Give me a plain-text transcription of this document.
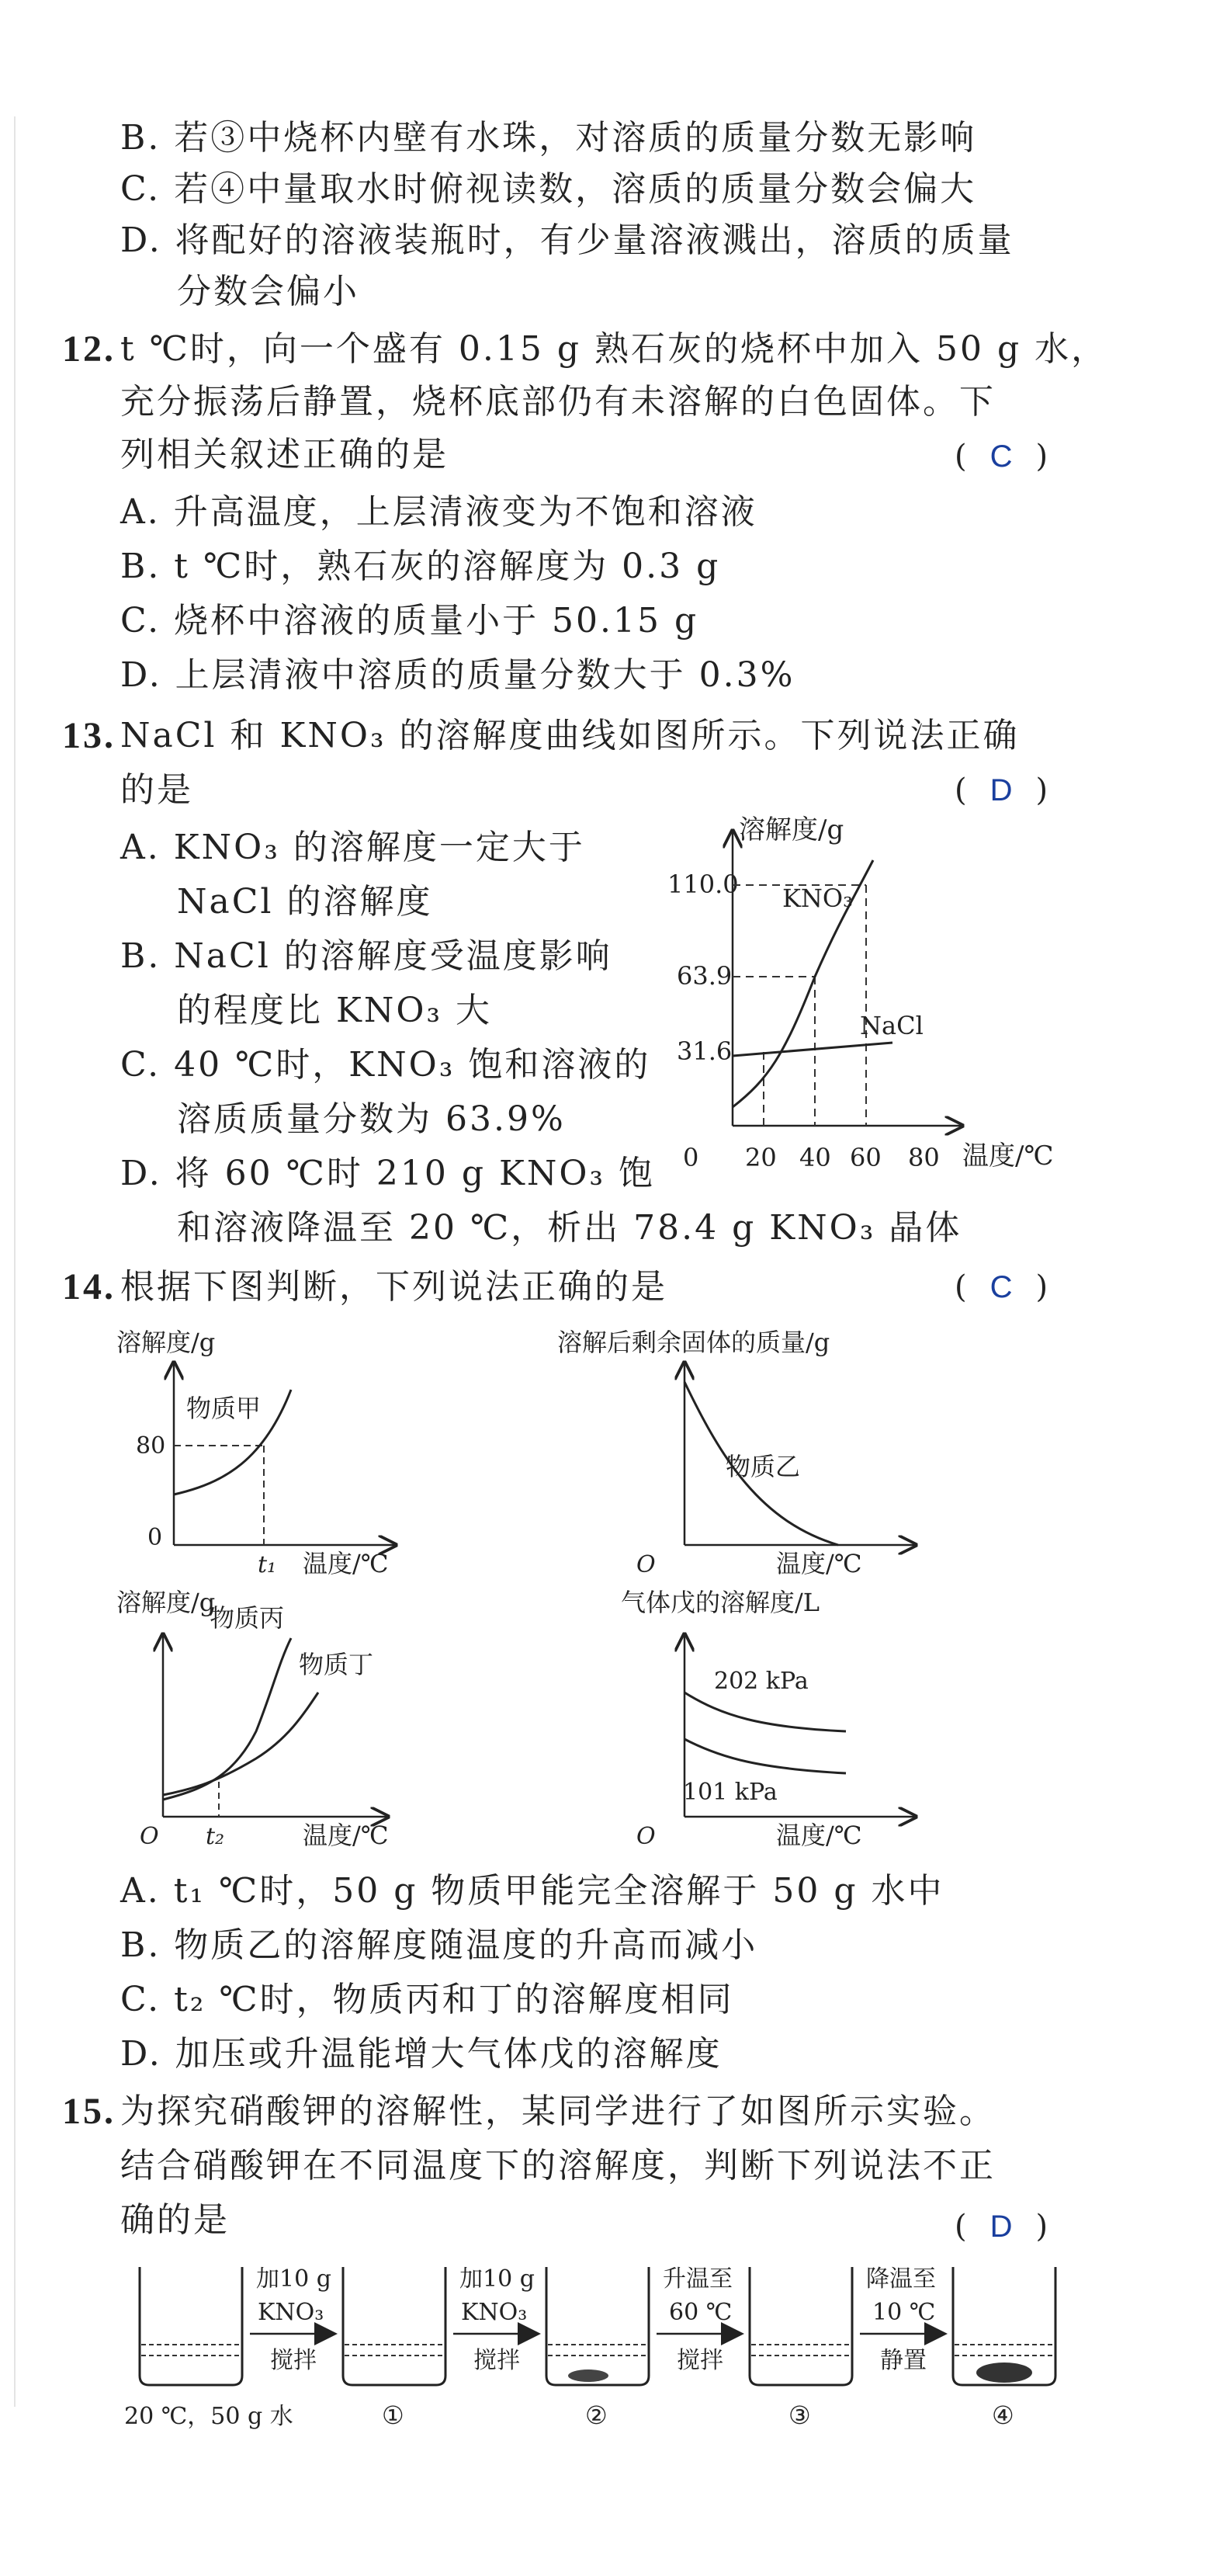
B. 若③中烧杯内壁有水珠，对溶质的质量分数无影响
C. 若④中量取水时俯视读数，溶质的质量分数会偏大
D. 将配好的溶液装瓶时，有少量溶液溅出，溶质的质量
分数会偏小
12. t ℃时，向一个盛有 0.15 g 熟石灰的烧杯中加入 50 g 水，
充分振荡后静置，烧杯底部仍有未溶解的白色固体。下
列相关叙述正确的是	( C )
A. 升高温度，上层清液变为不饱和溶液
B. t ℃时，熟石灰的溶解度为 0.3 g
C. 烧杯中溶液的质量小于 50.15 g
D. 上层清液中溶质的质量分数大于 0.3%
13. NaCl 和 KNO₃ 的溶解度曲线如图所示。下列说法正确
的是	( D )
A. KNO₃ 的溶解度一定大于
NaCl 的溶解度
B. NaCl 的溶解度受温度影响
的程度比 KNO₃ 大
C. 40 ℃时，KNO₃ 饱和溶液的
溶质质量分数为 63.9%
D. 将 60 ℃时 210 g KNO₃ 饱
和溶液降温至 20 ℃，析出 78.4 g KNO₃ 晶体
溶解度/g
温度/℃
110.0
63.9
31.6
0 20 40 60 80
KNO₃
NaCl
14. 根据下图判断，下列说法正确的是	( C )
溶解度/g
温度/℃
80
0
t₁
物质甲
溶解后剩余固体的质量/g
温度/℃
O
物质乙
溶解度/g
温度/℃
O t₂
物质丙
物质丁
气体戊的溶解度/L
温度/℃
O
202 kPa
101 kPa
A. t₁ ℃时，50 g 物质甲能完全溶解于 50 g 水中
B. 物质乙的溶解度随温度的升高而减小
C. t₂ ℃时，物质丙和丁的溶解度相同
D. 加压或升温能增大气体戊的溶解度
15. 为探究硝酸钾的溶解性，某同学进行了如图所示实验。
结合硝酸钾在不同温度下的溶解度，判断下列说法不正
确的是	( D )
加10 g
KNO₃
搅拌
加10 g
KNO₃
搅拌
升温至
60 ℃
搅拌
降温至
10 ℃
静置
20 ℃，50 g 水	①	②	③	④
